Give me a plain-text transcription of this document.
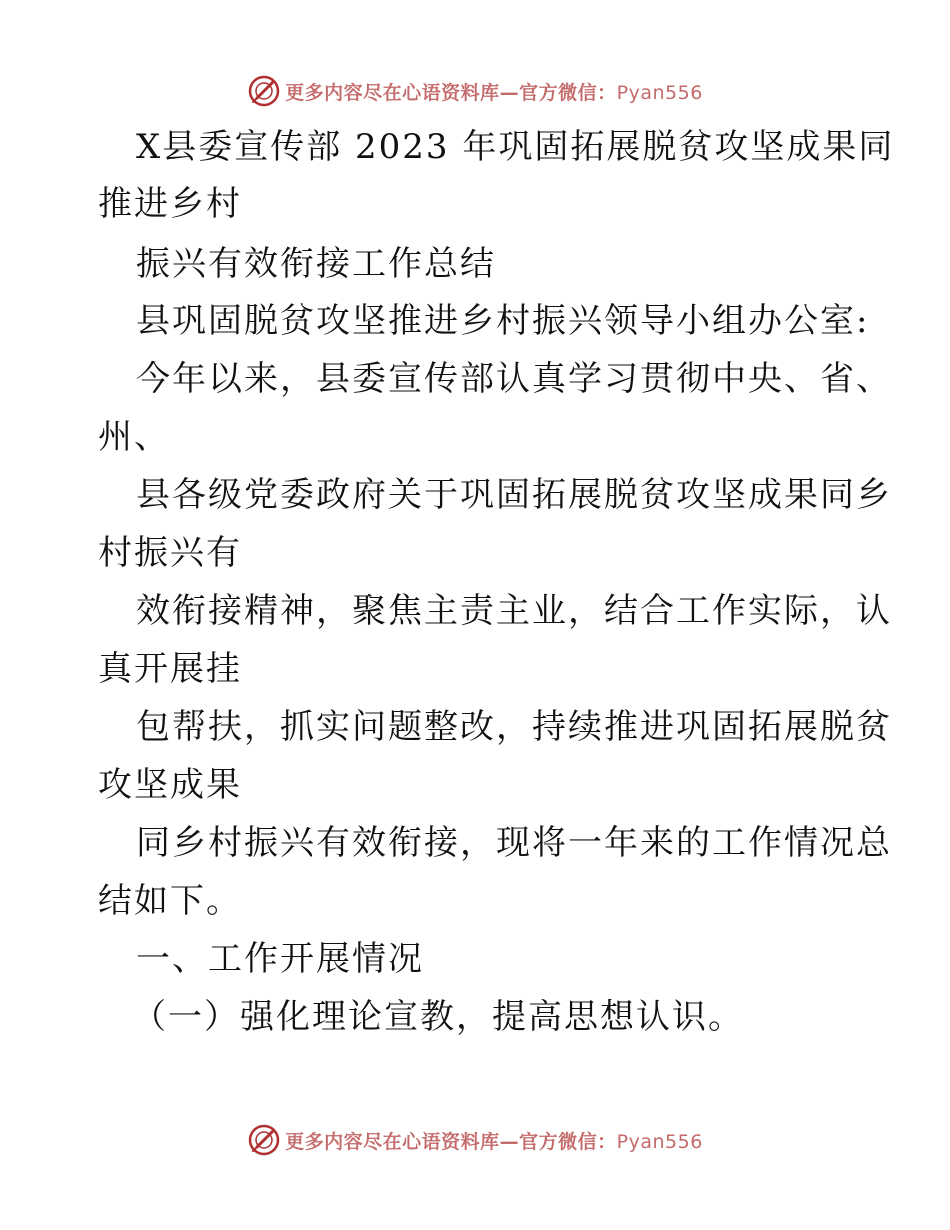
更多内容尽在心语资料库—官方微信：Pyan556
X县委宣传部 2023 年巩固拓展脱贫攻坚成果同
推进乡村
振兴有效衔接工作总结
县巩固脱贫攻坚推进乡村振兴领导小组办公室:
今年以来，县委宣传部认真学习贯彻中央、省、
州、
县各级党委政府关于巩固拓展脱贫攻坚成果同乡
村振兴有
效衔接精神，聚焦主责主业，结合工作实际，认
真开展挂
包帮扶，抓实问题整改，持续推进巩固拓展脱贫
攻坚成果
同乡村振兴有效衔接，现将一年来的工作情况总
结如下。
一、工作开展情况
（一）强化理论宣教，提高思想认识。
更多内容尽在心语资料库—官方微信：Pyan556
